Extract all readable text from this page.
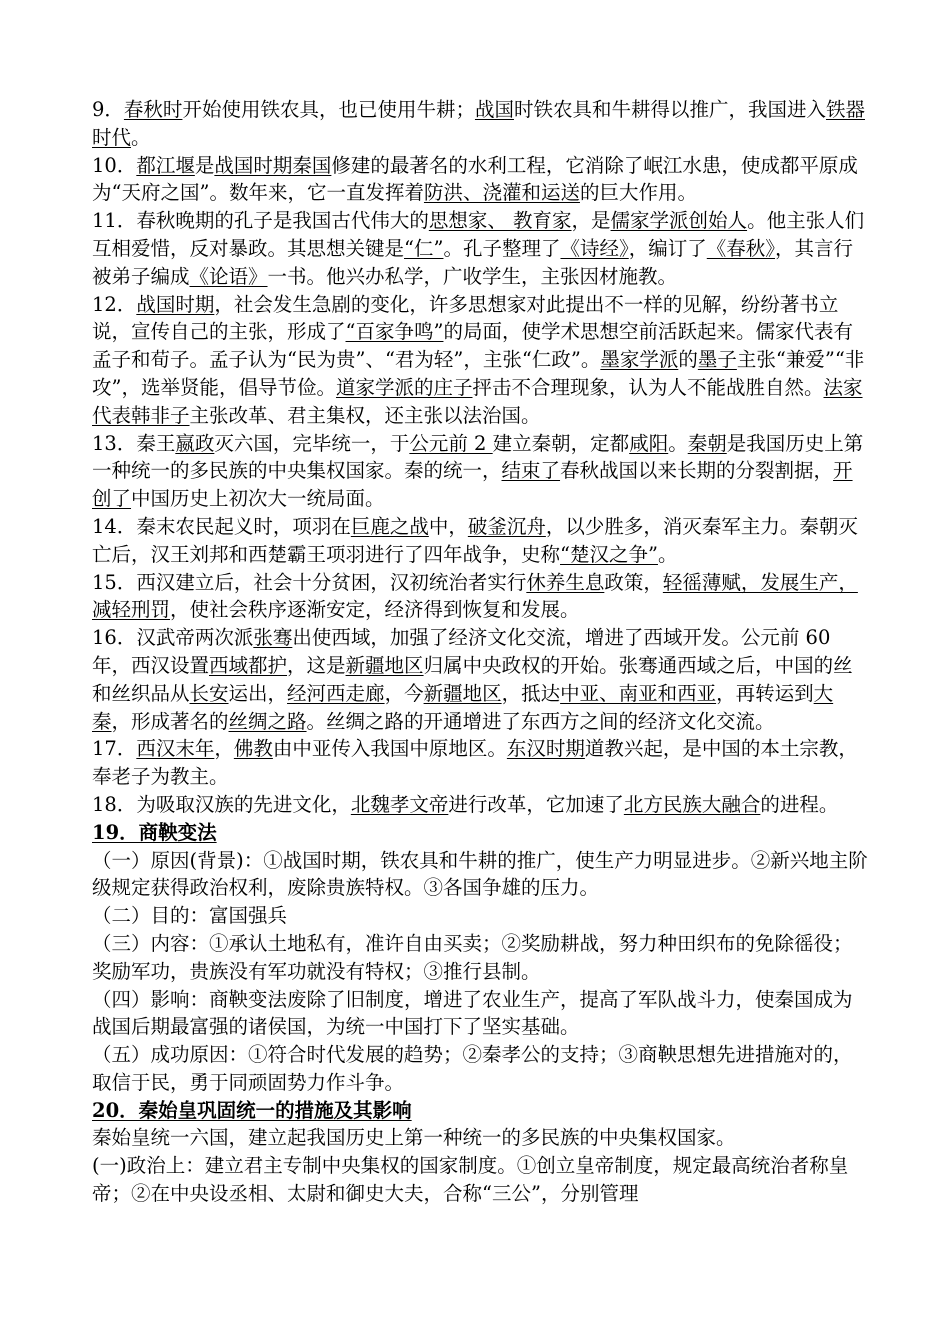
9．春秋时开始使用铁农具，也已使用牛耕；战国时铁农具和牛耕得以推广，我国进入铁器时代。

10．都江堰是战国时期秦国修建的最著名的水利工程，它消除了岷江水患，使成都平原成为“天府之国”。数年来，它一直发挥着防洪、浇灌和运送的巨大作用。

11．春秋晚期的孔子是我国古代伟大的思想家、 教育家，是儒家学派创始人。他主张人们互相爱惜，反对暴政。其思想关键是“仁”。孔子整理了《诗经》，编订了《春秋》，其言行被弟子编成《论语》一书。他兴办私学，广收学生，主张因材施教。

12．战国时期，社会发生急剧的变化，许多思想家对此提出不一样的见解，纷纷著书立说，宣传自己的主张，形成了“百家争鸣”的局面，使学术思想空前活跃起来。儒家代表有孟子和荀子。孟子认为“民为贵”、“君为轻”，主张“仁政”。墨家学派的墨子主张“兼爱”“非攻”，选举贤能，倡导节俭。道家学派的庄子抨击不合理现象，认为人不能战胜自然。法家代表韩非子主张改革、君主集权，还主张以法治国。

13．秦王嬴政灭六国，完毕统一，于公元前 2 建立秦朝，定都咸阳。秦朝是我国历史上第一种统一的多民族的中央集权国家。秦的统一，结束了春秋战国以来长期的分裂割据，开创了中国历史上初次大一统局面。

14．秦末农民起义时，项羽在巨鹿之战中，破釜沉舟，以少胜多，消灭秦军主力。秦朝灭亡后，汉王刘邦和西楚霸王项羽进行了四年战争，史称“楚汉之争”。

15．西汉建立后，社会十分贫困，汉初统治者实行休养生息政策，轻徭薄赋，发展生产，减轻刑罚，使社会秩序逐渐安定，经济得到恢复和发展。

16．汉武帝两次派张骞出使西域，加强了经济文化交流，增进了西域开发。公元前 60 年，西汉设置西域都护，这是新疆地区归属中央政权的开始。张骞通西域之后，中国的丝和丝织品从长安运出，经河西走廊，今新疆地区，抵达中亚、南亚和西亚，再转运到大秦，形成著名的丝绸之路。丝绸之路的开通增进了东西方之间的经济文化交流。

17．西汉末年，佛教由中亚传入我国中原地区。东汉时期道教兴起，是中国的本土宗教，奉老子为教主。

18．为吸取汉族的先进文化，北魏孝文帝进行改革，它加速了北方民族大融合的进程。

19．商鞅变法

（一）原因(背景)：①战国时期，铁农具和牛耕的推广，使生产力明显进步。②新兴地主阶级规定获得政治权利，废除贵族特权。③各国争雄的压力。

（二）目的：富国强兵

（三）内容：①承认土地私有，准许自由买卖；②奖励耕战，努力种田织布的免除徭役；奖励军功，贵族没有军功就没有特权；③推行县制。

（四）影响：商鞅变法废除了旧制度，增进了农业生产，提高了军队战斗力，使秦国成为战国后期最富强的诸侯国，为统一中国打下了坚实基础。

（五）成功原因：①符合时代发展的趋势；②秦孝公的支持；③商鞅思想先进措施对的，取信于民，勇于同顽固势力作斗争。

20．秦始皇巩固统一的措施及其影响

秦始皇统一六国，建立起我国历史上第一种统一的多民族的中央集权国家。

(一)政治上：建立君主专制中央集权的国家制度。①创立皇帝制度，规定最高统治者称皇帝；②在中央设丞相、太尉和御史大夫，合称“三公”，分别管理
